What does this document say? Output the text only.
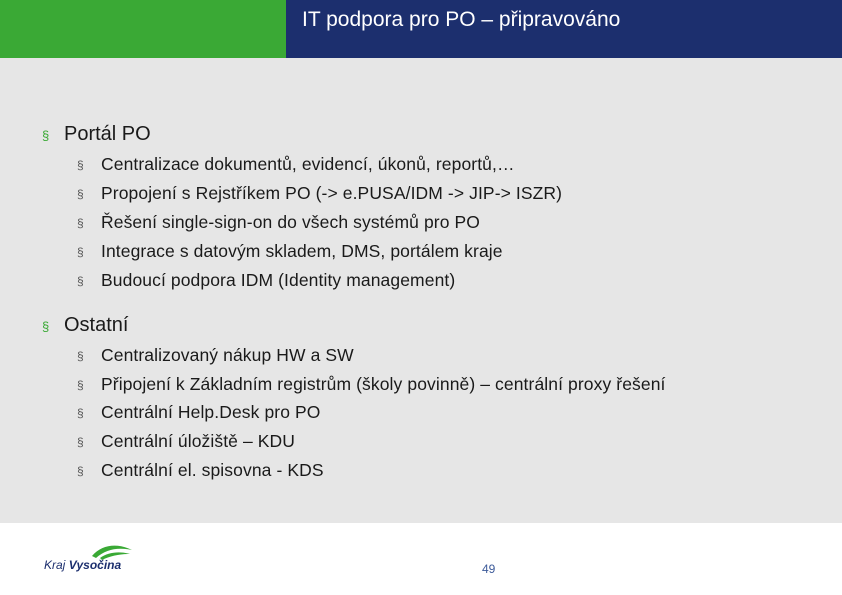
IT podpora pro PO – připravováno
§ Portál PO
§ Centralizace dokumentů, evidencí, úkonů, reportů,…
§ Propojení s Rejstříkem PO (-> e.PUSA/IDM -> JIP-> ISZR)
§ Řešení single-sign-on do všech systémů pro PO
§ Integrace s datovým skladem, DMS, portálem kraje
§ Budoucí podpora IDM (Identity management)
§ Ostatní
§ Centralizovaný nákup HW a SW
§ Připojení k Základním registrům (školy povinně) – centrální proxy řešení
§ Centrální Help.Desk pro PO
§ Centrální úložiště – KDU
§ Centrální el. spisovna - KDS
Kraj Vysočina	49
